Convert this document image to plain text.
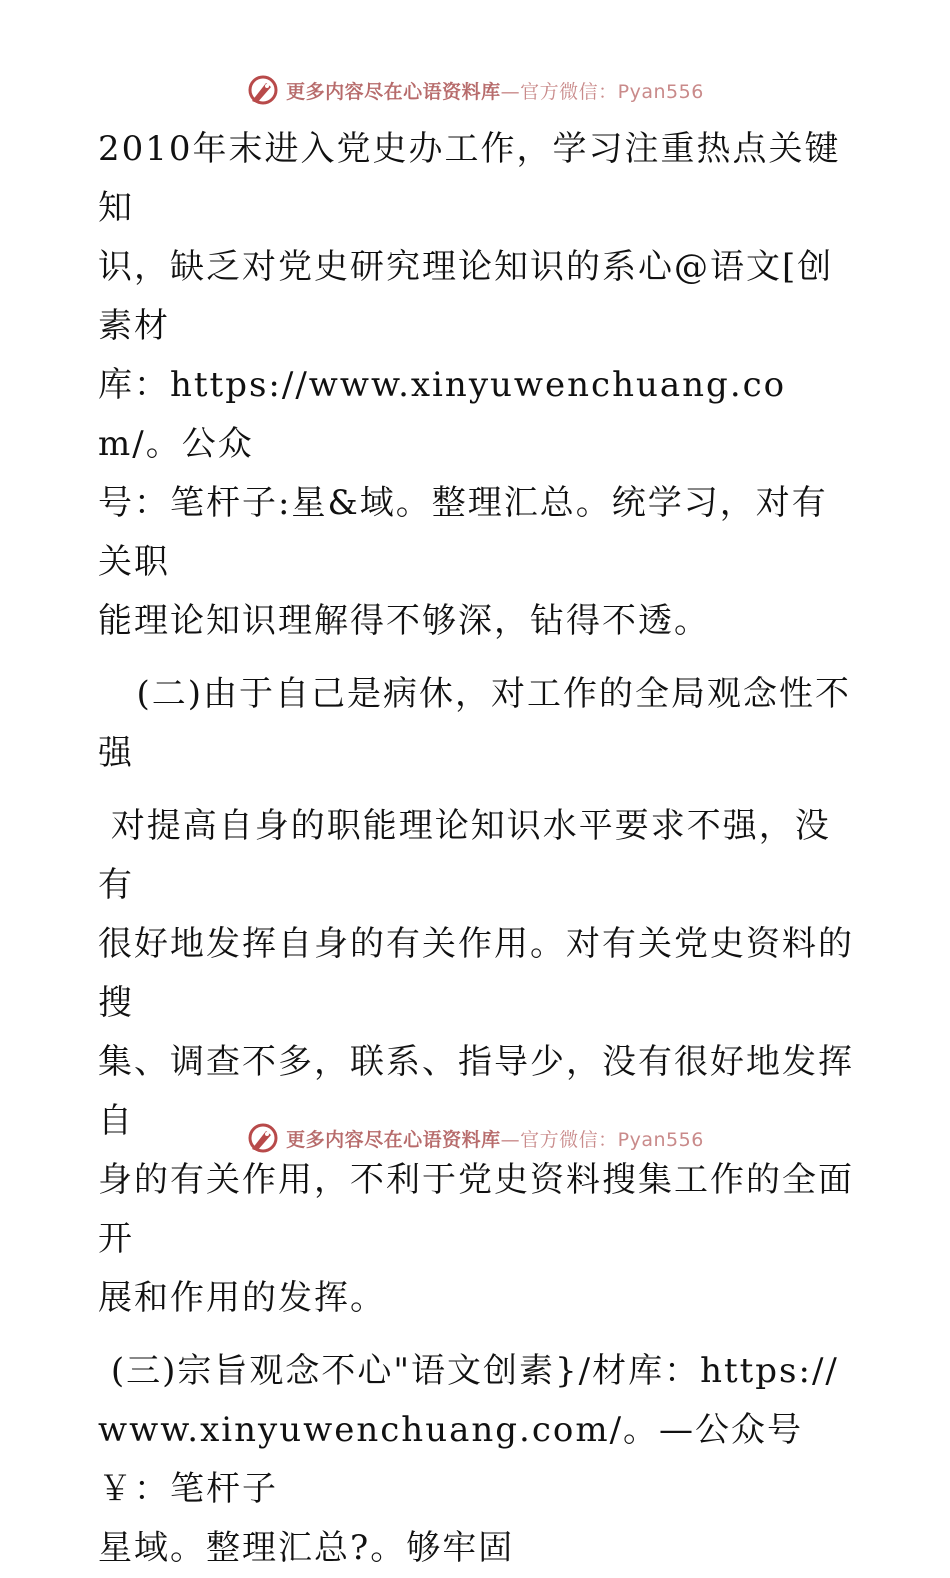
更多内容尽在心语资料库—官方微信：Pyan556

2010年末进入党史办工作，学习注重热点关键知

识，缺乏对党史研究理论知识的系心@语文[创素材

库：https://www.xinyuwenchuang.com/。公众

号：笔杆子:星&域。整理汇总。统学习，对有关职

能理论知识理解得不够深，钻得不透。

(二)由于自己是病休，对工作的全局观念性不

强

对提高自身的职能理论知识水平要求不强，没有

很好地发挥自身的有关作用。对有关党史资料的搜

集、调查不多，联系、指导少，没有很好地发挥自

身的有关作用，不利于党史资料搜集工作的全面开

展和作用的发挥。

(三)宗旨观念不心"语文创素}/材库：https://

www.xinyuwenchuang.com/。—公众号￥：笔杆子

星域。整理汇总?。够牢固

更多内容尽在心语资料库—官方微信：Pyan556
